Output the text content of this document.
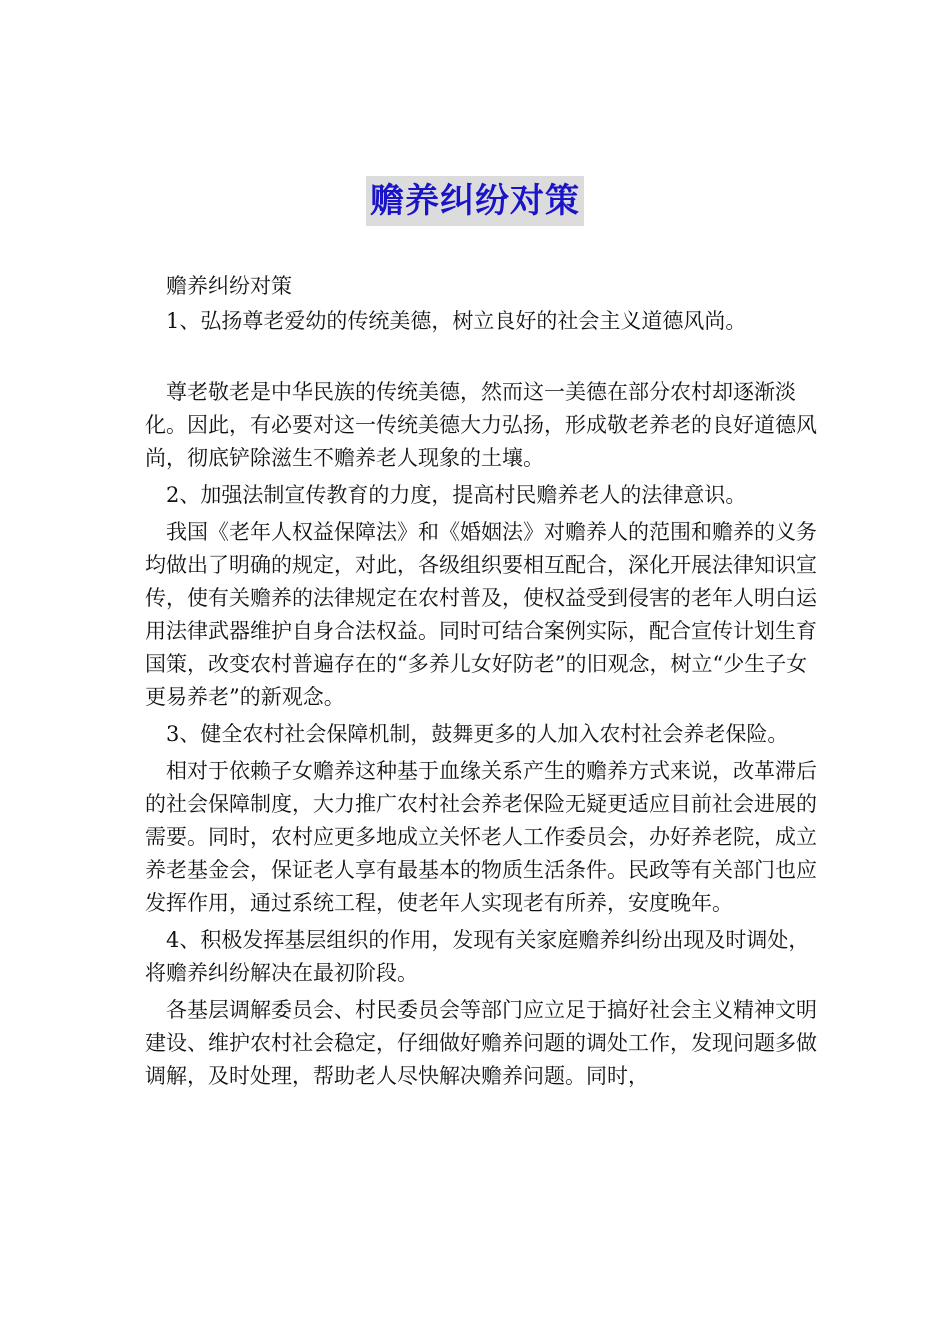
赡养纠纷对策

赡养纠纷对策

1、弘扬尊老爱幼的传统美德，树立良好的社会主义道德风尚。

尊老敬老是中华民族的传统美德，然而这一美德在部分农村却逐渐淡化。因此，有必要对这一传统美德大力弘扬，形成敬老养老的良好道德风尚，彻底铲除滋生不赡养老人现象的土壤。

2、加强法制宣传教育的力度，提高村民赡养老人的法律意识。

我国《老年人权益保障法》和《婚姻法》对赡养人的范围和赡养的义务均做出了明确的规定，对此，各级组织要相互配合，深化开展法律知识宣传，使有关赡养的法律规定在农村普及，使权益受到侵害的老年人明白运用法律武器维护自身合法权益。同时可结合案例实际，配合宣传计划生育国策，改变农村普遍存在的“多养儿女好防老”的旧观念，树立“少生子女更易养老”的新观念。

3、健全农村社会保障机制，鼓舞更多的人加入农村社会养老保险。

相对于依赖子女赡养这种基于血缘关系产生的赡养方式来说，改革滞后的社会保障制度，大力推广农村社会养老保险无疑更适应目前社会进展的需要。同时，农村应更多地成立关怀老人工作委员会，办好养老院，成立养老基金会，保证老人享有最基本的物质生活条件。民政等有关部门也应发挥作用，通过系统工程，使老年人实现老有所养，安度晚年。

4、积极发挥基层组织的作用，发现有关家庭赡养纠纷出现及时调处，将赡养纠纷解决在最初阶段。

各基层调解委员会、村民委员会等部门应立足于搞好社会主义精神文明建设、维护农村社会稳定，仔细做好赡养问题的调处工作，发现问题多做调解，及时处理，帮助老人尽快解决赡养问题。同时，
